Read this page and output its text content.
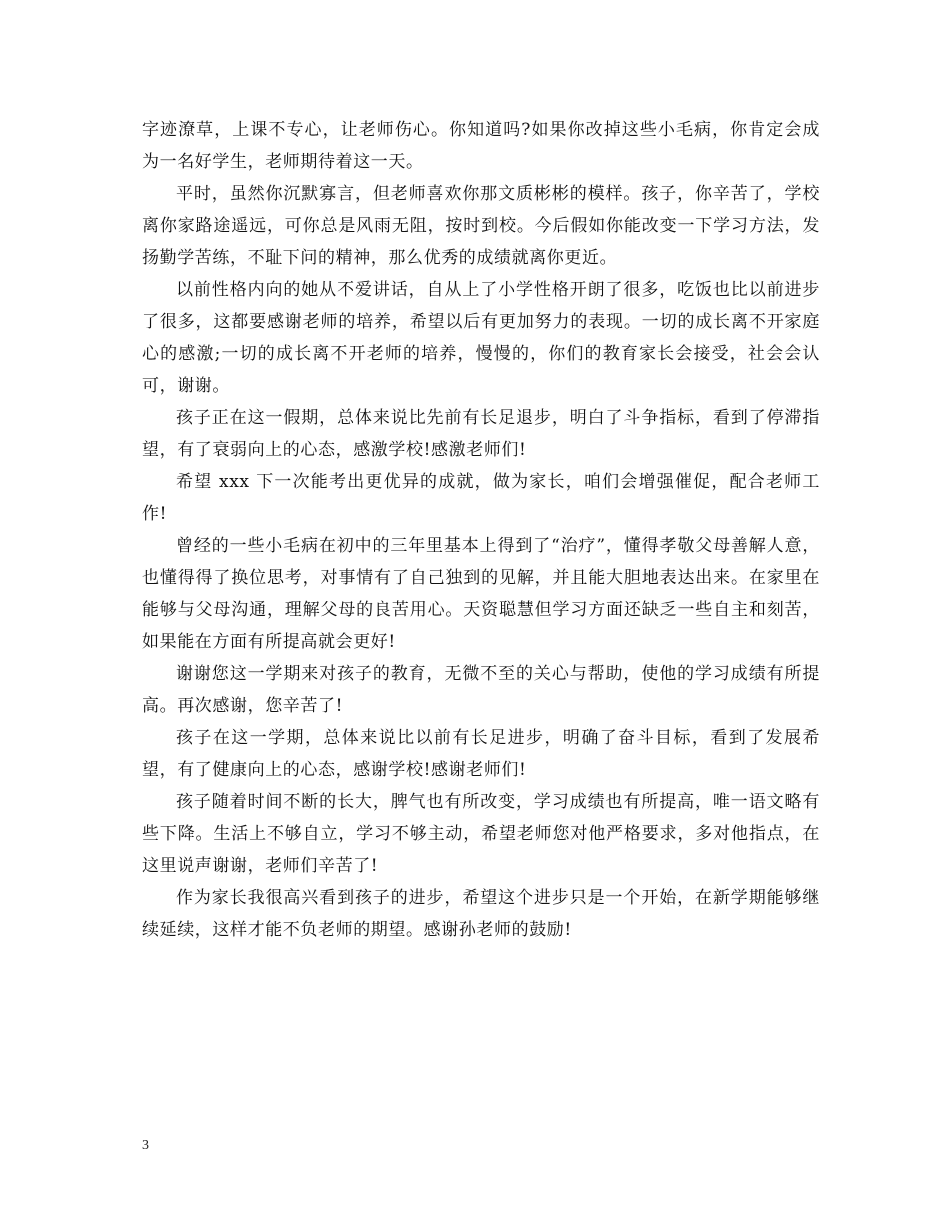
字迹潦草，上课不专心，让老师伤心。你知道吗?如果你改掉这些小毛病，你肯定会成为一名好学生，老师期待着这一天。

平时，虽然你沉默寡言，但老师喜欢你那文质彬彬的模样。孩子，你辛苦了，学校离你家路途遥远，可你总是风雨无阻，按时到校。今后假如你能改变一下学习方法，发扬勤学苦练，不耻下问的精神，那么优秀的成绩就离你更近。

以前性格内向的她从不爱讲话，自从上了小学性格开朗了很多，吃饭也比以前进步了很多，这都要感谢老师的培养，希望以后有更加努力的表现。一切的成长离不开家庭心的感激;一切的成长离不开老师的培养，慢慢的，你们的教育家长会接受，社会会认可，谢谢。

孩子正在这一假期，总体来说比先前有长足退步，明白了斗争指标，看到了停滞指望，有了衰弱向上的心态，感激学校!感激老师们!

希望 xxx 下一次能考出更优异的成就，做为家长，咱们会增强催促，配合老师工作!

曾经的一些小毛病在初中的三年里基本上得到了“治疗”，懂得孝敬父母善解人意，也懂得得了换位思考，对事情有了自己独到的见解，并且能大胆地表达出来。在家里在能够与父母沟通，理解父母的良苦用心。天资聪慧但学习方面还缺乏一些自主和刻苦，如果能在方面有所提高就会更好!

谢谢您这一学期来对孩子的教育，无微不至的关心与帮助，使他的学习成绩有所提高。再次感谢，您辛苦了!

孩子在这一学期，总体来说比以前有长足进步，明确了奋斗目标，看到了发展希望，有了健康向上的心态，感谢学校!感谢老师们!

孩子随着时间不断的长大，脾气也有所改变，学习成绩也有所提高，唯一语文略有些下降。生活上不够自立，学习不够主动，希望老师您对他严格要求，多对他指点，在这里说声谢谢，老师们辛苦了!

作为家长我很高兴看到孩子的进步，希望这个进步只是一个开始，在新学期能够继续延续，这样才能不负老师的期望。感谢孙老师的鼓励!

3
